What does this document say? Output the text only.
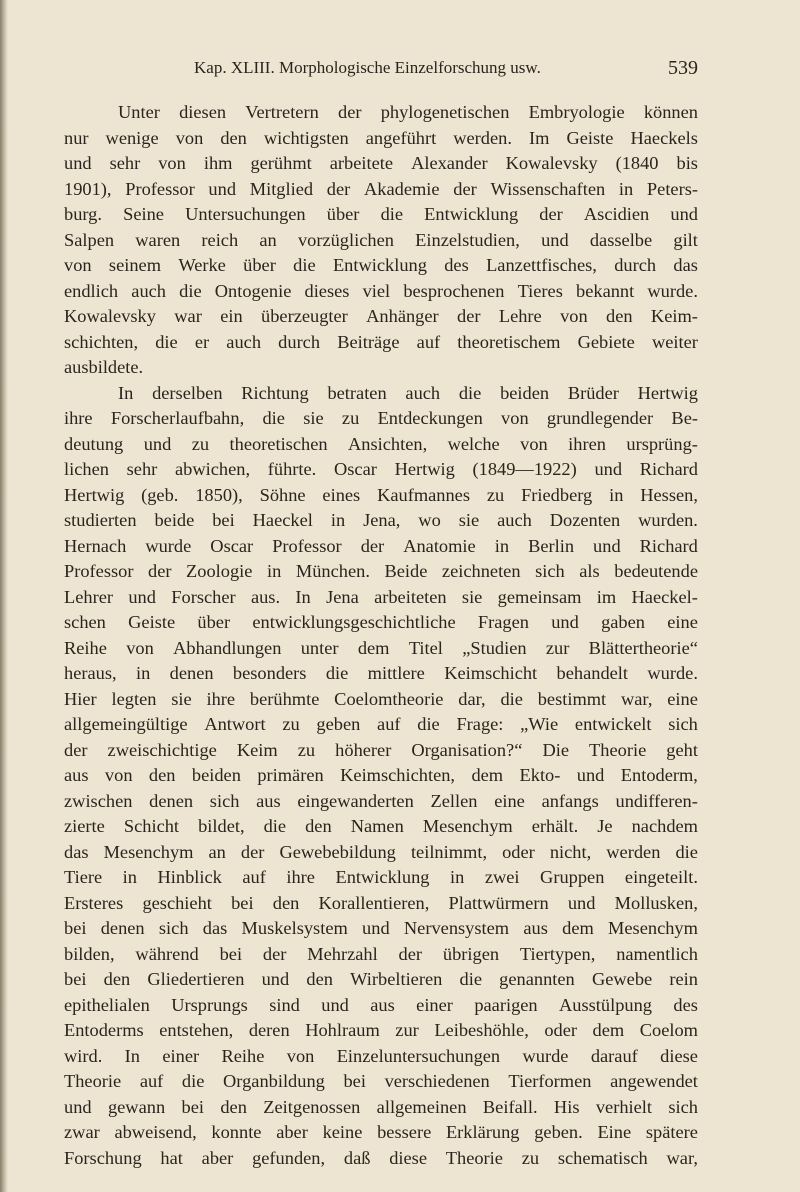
Kap. XLIII. Morphologische Einzelforschung usw.	539
Unter diesen Vertretern der phylogenetischen Embryologie können
nur wenige von den wichtigsten angeführt werden. Im Geiste Haeckels
und sehr von ihm gerühmt arbeitete Alexander Kowalevsky (1840 bis
1901), Professor und Mitglied der Akademie der Wissenschaften in Peters-
burg. Seine Untersuchungen über die Entwicklung der Ascidien und
Salpen waren reich an vorzüglichen Einzelstudien, und dasselbe gilt
von seinem Werke über die Entwicklung des Lanzettfisches, durch das
endlich auch die Ontogenie dieses viel besprochenen Tieres bekannt wurde.
Kowalevsky war ein überzeugter Anhänger der Lehre von den Keim-
schichten, die er auch durch Beiträge auf theoretischem Gebiete weiter
ausbildete.
In derselben Richtung betraten auch die beiden Brüder Hertwig
ihre Forscherlaufbahn, die sie zu Entdeckungen von grundlegender Be-
deutung und zu theoretischen Ansichten, welche von ihren ursprüng-
lichen sehr abwichen, führte. Oscar Hertwig (1849—1922) und Richard
Hertwig (geb. 1850), Söhne eines Kaufmannes zu Friedberg in Hessen,
studierten beide bei Haeckel in Jena, wo sie auch Dozenten wurden.
Hernach wurde Oscar Professor der Anatomie in Berlin und Richard
Professor der Zoologie in München. Beide zeichneten sich als bedeutende
Lehrer und Forscher aus. In Jena arbeiteten sie gemeinsam im Haeckel-
schen Geiste über entwicklungsgeschichtliche Fragen und gaben eine
Reihe von Abhandlungen unter dem Titel „Studien zur Blättertheorie“
heraus, in denen besonders die mittlere Keimschicht behandelt wurde.
Hier legten sie ihre berühmte Coelomtheorie dar, die bestimmt war, eine
allgemeingültige Antwort zu geben auf die Frage: „Wie entwickelt sich
der zweischichtige Keim zu höherer Organisation?“ Die Theorie geht
aus von den beiden primären Keimschichten, dem Ekto- und Entoderm,
zwischen denen sich aus eingewanderten Zellen eine anfangs undifferen-
zierte Schicht bildet, die den Namen Mesenchym erhält. Je nachdem
das Mesenchym an der Gewebebildung teilnimmt, oder nicht, werden die
Tiere in Hinblick auf ihre Entwicklung in zwei Gruppen eingeteilt.
Ersteres geschieht bei den Korallentieren, Plattwürmern und Mollusken,
bei denen sich das Muskelsystem und Nervensystem aus dem Mesenchym
bilden, während bei der Mehrzahl der übrigen Tiertypen, namentlich
bei den Gliedertieren und den Wirbeltieren die genannten Gewebe rein
epithelialen Ursprungs sind und aus einer paarigen Ausstülpung des
Entoderms entstehen, deren Hohlraum zur Leibeshöhle, oder dem Coelom
wird. In einer Reihe von Einzeluntersuchungen wurde darauf diese
Theorie auf die Organbildung bei verschiedenen Tierformen angewendet
und gewann bei den Zeitgenossen allgemeinen Beifall. His verhielt sich
zwar abweisend, konnte aber keine bessere Erklärung geben. Eine spätere
Forschung hat aber gefunden, daß diese Theorie zu schematisch war,
